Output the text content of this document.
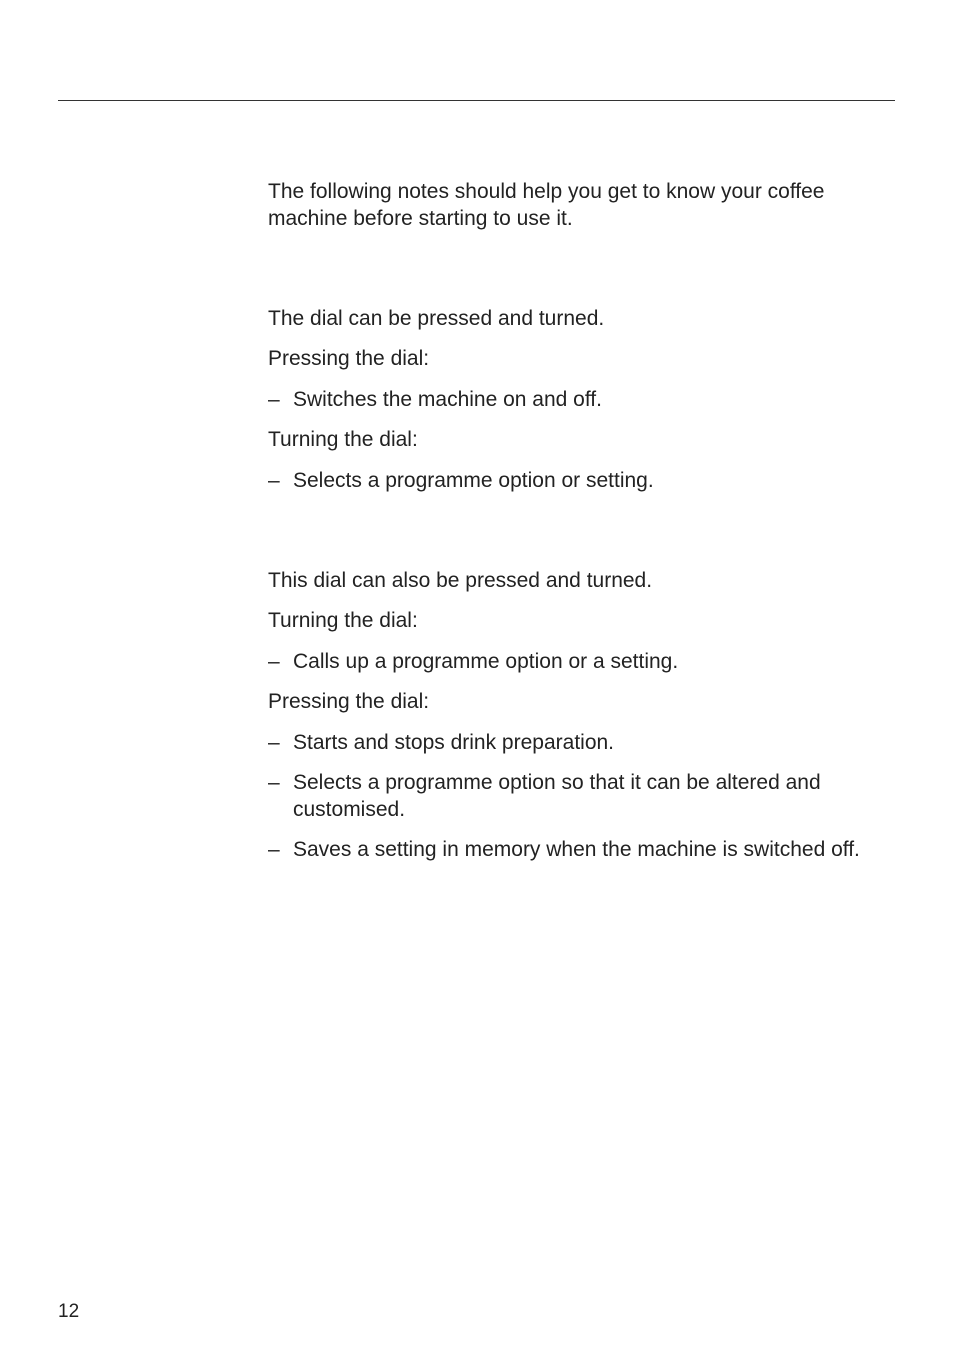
The following notes should help you get to know your coffee machine before starting to use it.

The dial can be pressed and turned.

Pressing the dial:

– Switches the machine on and off.

Turning the dial:

– Selects a programme option or setting.

This dial can also be pressed and turned.

Turning the dial:

– Calls up a programme option or a setting.

Pressing the dial:

– Starts and stops drink preparation.
– Selects a programme option so that it can be altered and customised.
– Saves a setting in memory when the machine is switched off.
12
